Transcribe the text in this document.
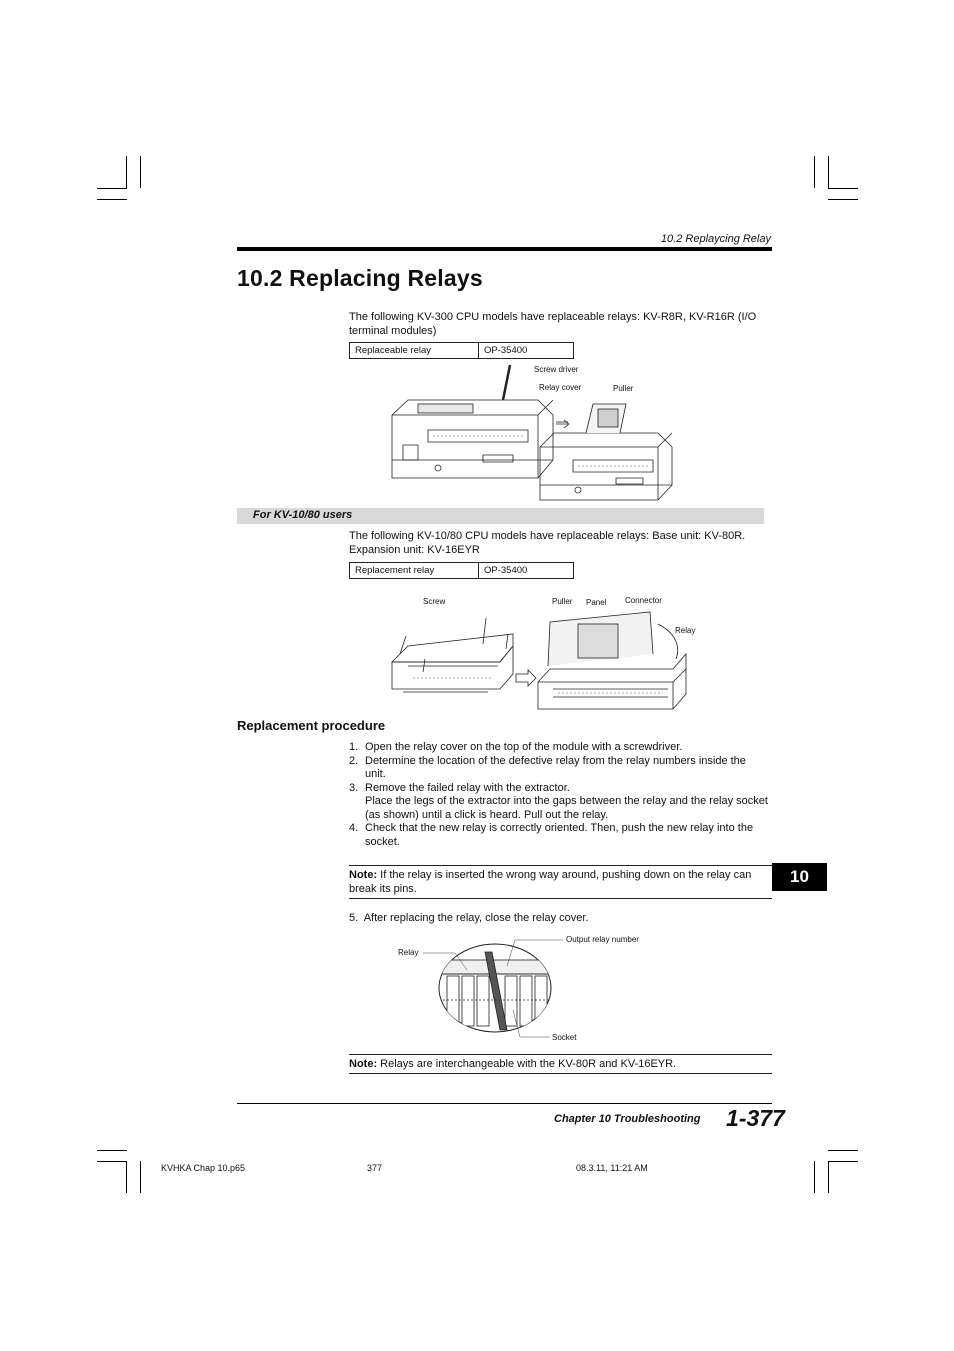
10.2 Replaycing Relay
10.2 Replacing Relays
The following KV-300 CPU models have replaceable relays: KV-R8R, KV-R16R (I/O terminal modules)
Replaceable relay	OP-35400
Screw driver
Relay cover	Puller
For KV-10/80 users
The following KV-10/80 CPU models have replaceable relays: Base unit: KV-80R. Expansion unit: KV-16EYR
Replacement relay	OP-35400
Screw	Puller Panel Connector
Relay
Replacement procedure
1. Open the relay cover on the top of the module with a screwdriver.
2. Determine the location of the defective relay from the relay numbers inside the unit.
3. Remove the failed relay with the extractor.
Place the legs of the extractor into the gaps between the relay and the relay socket (as shown) until a click is heard. Pull out the relay.
4. Check that the new relay is correctly oriented. Then, push the new relay into the socket.
Note: If the relay is inserted the wrong way around, pushing down on the relay can break its pins.
10
5. After replacing the relay, close the relay cover.
Output relay number
Relay
Socket
Note: Relays are interchangeable with the KV-80R and KV-16EYR.
Chapter 10 Troubleshooting 1-377
KVHKA Chap 10.p65	377	08.3.11, 11:21 AM
